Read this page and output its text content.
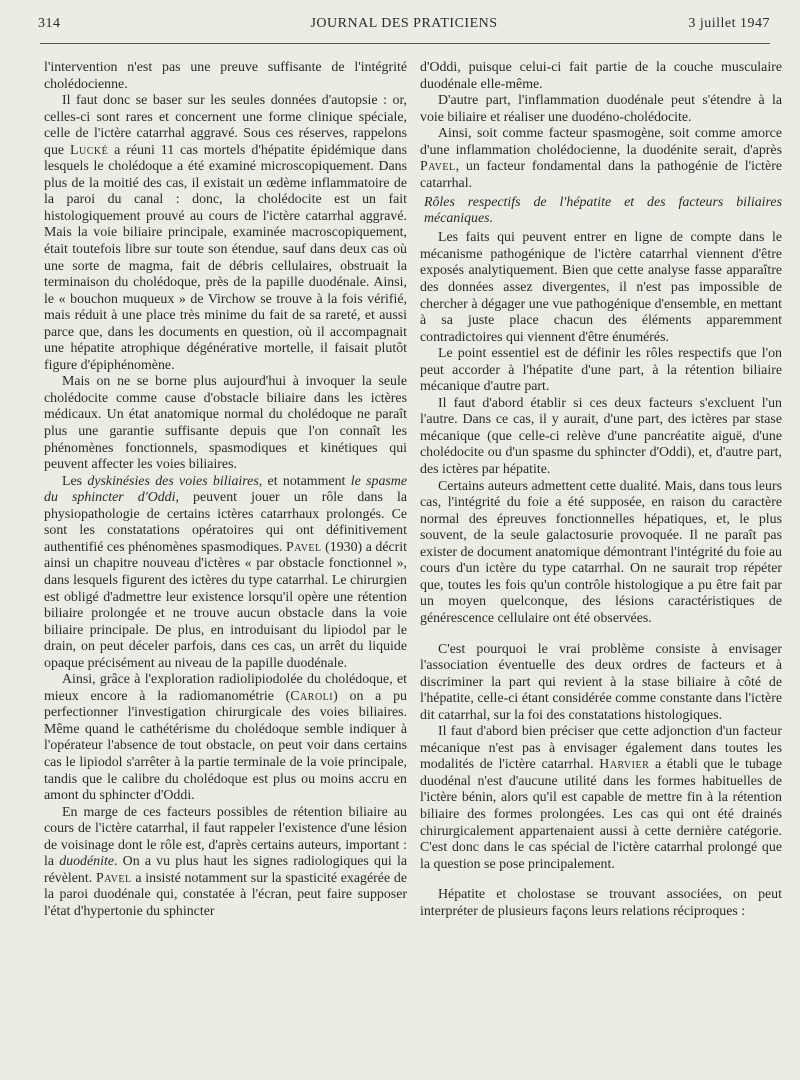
314	JOURNAL DES PRATICIENS	3 juillet 1947

l'intervention n'est pas une preuve suffisante de l'intégrité cholédocienne.

Il faut donc se baser sur les seules données d'autopsie : or, celles-ci sont rares et concernent une forme clinique spéciale, celle de l'ictère catarrhal aggravé. Sous ces réserves, rappelons que Lucké a réuni 11 cas mortels d'hépatite épidémique dans lesquels le cholédoque a été examiné microscopiquement. Dans plus de la moitié des cas, il existait un œdème inflammatoire de la paroi du canal : donc, la cholédocite est un fait histologiquement prouvé au cours de l'ictère catarrhal aggravé. Mais la voie biliaire principale, examinée macroscopiquement, était toutefois libre sur toute son étendue, sauf dans deux cas où une sorte de magma, fait de débris cellulaires, obstruait la terminaison du cholédoque, près de la papille duodénale. Ainsi, le « bouchon muqueux » de Virchow se trouve à la fois vérifié, mais réduit à une place très minime du fait de sa rareté, et aussi parce que, dans les documents en question, où il accompagnait une hépatite atrophique dégénérative mortelle, il faisait plutôt figure d'épiphénomène.

Mais on ne se borne plus aujourd'hui à invoquer la seule cholédocite comme cause d'obstacle biliaire dans les ictères médicaux. Un état anatomique normal du cholédoque ne paraît plus une garantie suffisante depuis que l'on connaît les phénomènes fonctionnels, spasmodiques et kinétiques qui peuvent affecter les voies biliaires.

Les dyskinésies des voies biliaires, et notamment le spasme du sphincter d'Oddi, peuvent jouer un rôle dans la physiopathologie de certains ictères catarrhaux prolongés. Ce sont les constatations opératoires qui ont définitivement authentifié ces phénomènes spasmodiques. Pavel (1930) a décrit ainsi un chapitre nouveau d'ictères « par obstacle fonctionnel », dans lesquels figurent des ictères du type catarrhal. Le chirurgien est obligé d'admettre leur existence lorsqu'il opère une rétention biliaire prolongée et ne trouve aucun obstacle dans la voie biliaire principale. De plus, en introduisant du lipiodol par le drain, on peut déceler parfois, dans ces cas, un arrêt du liquide opaque précisément au niveau de la papille duodénale.

Ainsi, grâce à l'exploration radiolipiodolée du cholédoque, et mieux encore à la radiomanométrie (Caroli) on a pu perfectionner l'investigation chirurgicale des voies biliaires. Même quand le cathétérisme du cholédoque semble indiquer à l'opérateur l'absence de tout obstacle, on peut voir dans certains cas le lipiodol s'arrêter à la partie terminale de la voie principale, tandis que le calibre du cholédoque est plus ou moins accru en amont du sphincter d'Oddi.

En marge de ces facteurs possibles de rétention biliaire au cours de l'ictère catarrhal, il faut rappeler l'existence d'une lésion de voisinage dont le rôle est, d'après certains auteurs, important : la duodénite. On a vu plus haut les signes radiologiques qui la révèlent. Pavel a insisté notamment sur la spasticité exagérée de la paroi duodénale qui, constatée à l'écran, peut faire supposer l'état d'hypertonie du sphincter

d'Oddi, puisque celui-ci fait partie de la couche musculaire duodénale elle-même.

D'autre part, l'inflammation duodénale peut s'étendre à la voie biliaire et réaliser une duodéno-cholédocite.

Ainsi, soit comme facteur spasmogène, soit comme amorce d'une inflammation cholédocienne, la duodénite serait, d'après Pavel, un facteur fondamental dans la pathogénie de l'ictère catarrhal.

Rôles respectifs de l'hépatite et des facteurs biliaires mécaniques.

Les faits qui peuvent entrer en ligne de compte dans le mécanisme pathogénique de l'ictère catarrhal viennent d'être exposés analytiquement. Bien que cette analyse fasse apparaître des données assez divergentes, il n'est pas impossible de chercher à dégager une vue pathogénique d'ensemble, en mettant à sa juste place chacun des éléments apparemment contradictoires qui viennent d'être énumérés.

Le point essentiel est de définir les rôles respectifs que l'on peut accorder à l'hépatite d'une part, à la rétention biliaire mécanique d'autre part.

Il faut d'abord établir si ces deux facteurs s'excluent l'un l'autre. Dans ce cas, il y aurait, d'une part, des ictères par stase mécanique (que celle-ci relève d'une pancréatite aiguë, d'une cholédocite ou d'un spasme du sphincter d'Oddi), et, d'autre part, des ictères par hépatite.

Certains auteurs admettent cette dualité. Mais, dans tous leurs cas, l'intégrité du foie a été supposée, en raison du caractère normal des épreuves fonctionnelles hépatiques, et, le plus souvent, de la seule galactosurie provoquée. Il ne paraît pas exister de document anatomique démontrant l'intégrité du foie au cours d'un ictère du type catarrhal. On ne saurait trop répéter que, toutes les fois qu'un contrôle histologique a pu être fait par un moyen quelconque, des lésions caractéristiques de générescence cellulaire ont été observées.

C'est pourquoi le vrai problème consiste à envisager l'association éventuelle des deux ordres de facteurs et à discriminer la part qui revient à la stase biliaire à côté de l'hépatite, celle-ci étant considérée comme constante dans l'ictère dit catarrhal, sur la foi des constatations histologiques.

Il faut d'abord bien préciser que cette adjonction d'un facteur mécanique n'est pas à envisager également dans toutes les modalités de l'ictère catarrhal. Harvier a établi que le tubage duodénal n'est d'aucune utilité dans les formes habituelles de l'ictère bénin, alors qu'il est capable de mettre fin à la rétention biliaire des formes prolongées. Les cas qui ont été drainés chirurgicalement appartenaient aussi à cette dernière catégorie. C'est donc dans le cas spécial de l'ictère catarrhal prolongé que la question se pose principalement.

Hépatite et cholostase se trouvant associées, on peut interpréter de plusieurs façons leurs relations réciproques :
